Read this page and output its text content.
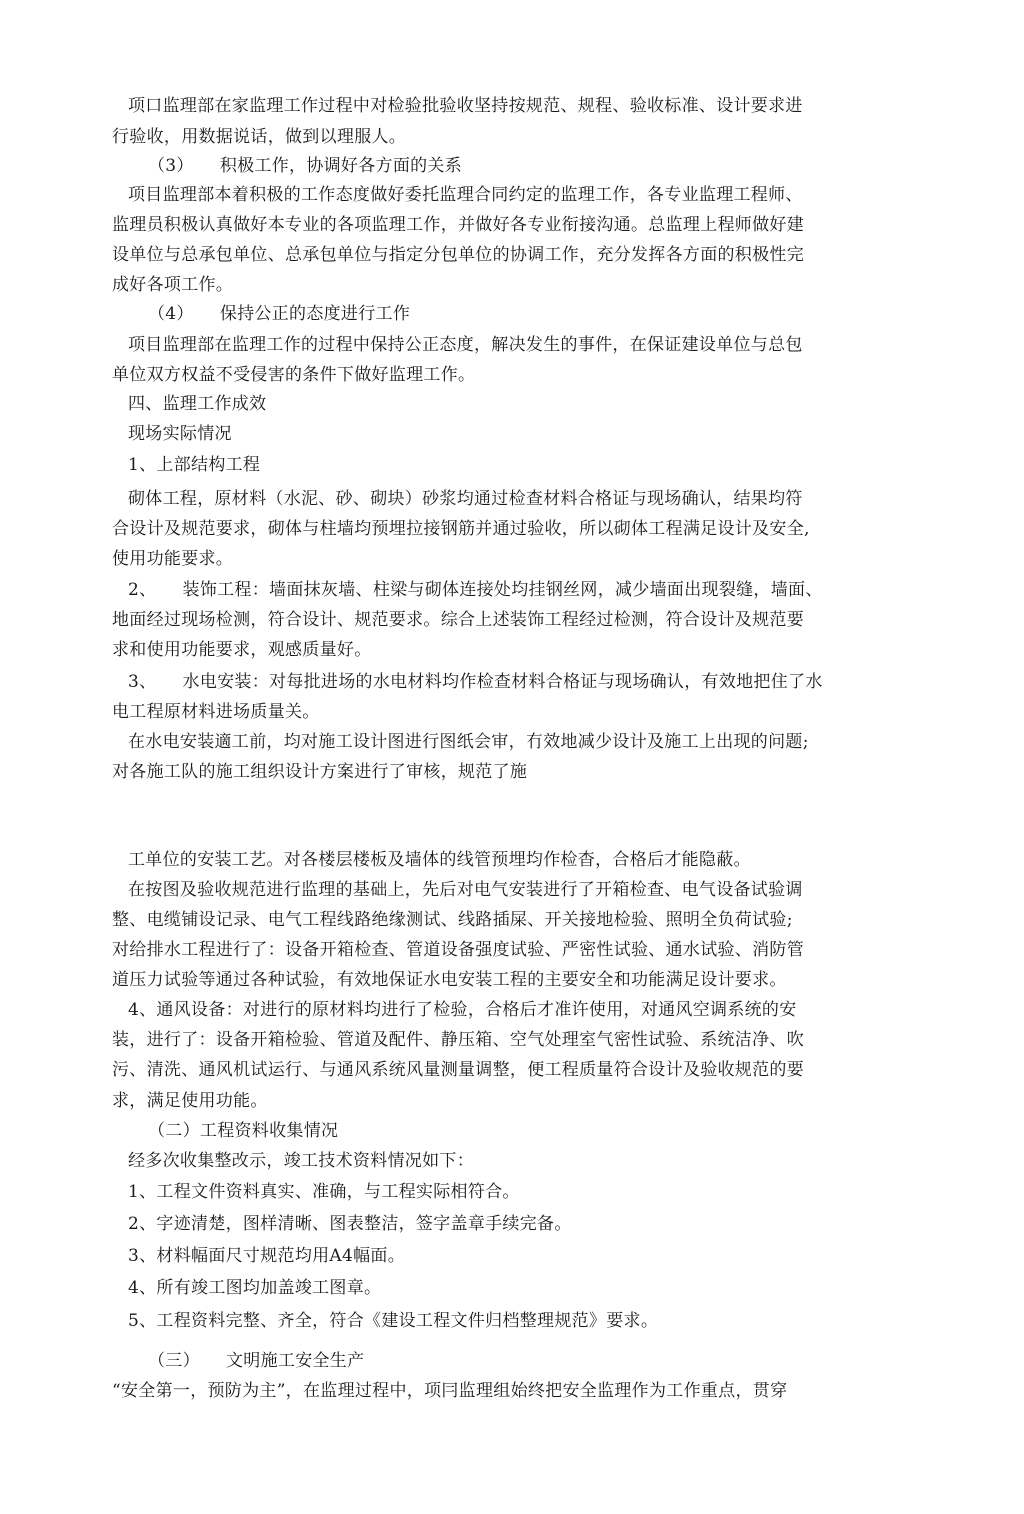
项口监理部在家监理工作过程中对检验批验收坚持按规范、规程、验收标准、设计要求进
行验收，用数据说话，做到以理服人。
（3）　　积极工作，协调好各方面的关系
项目监理部本着积极的工作态度做好委托监理合同约定的监理工作，各专业监理工程师、
监理员积极认真做好本专业的各项监理工作，并做好各专业衔接沟通。总监理上程师做好建
设单位与总承包单位、总承包单位与指定分包单位的协调工作，充分发挥各方面的积极性完
成好各项工作。
（4）　　保持公正的态度进行工作
项目监理部在监理工作的过程中保持公正态度，解决发生的事件，在保证建设单位与总包
单位双方权益不受侵害的条件下做好监理工作。
四、监理工作成效
现场实际情况
1、上部结构工程
砌体工程，原材料（水泥、砂、砌块）砂浆均通过检查材料合格证与现场确认，结果均符
合设计及规范要求，砌体与柱墙均预埋拉接钢筋并通过验收，所以砌体工程满足设计及安全,
使用功能要求。
2、　　装饰工程：墙面抹灰墙、柱梁与砌体连接处均挂钢丝网，减少墙面出现裂缝，墙面、
地面经过现场检测，符合设计、规范要求。综合上述装饰工程经过检测，符合设计及规范要
求和使用功能要求，观感质量好。
3、　　水电安装：对每批进场的水电材料均作检查材料合格证与现场确认，有效地把住了水
电工程原材料进场质量关。
在水电安装適工前，均对施工设计图进行图纸会审，冇效地减少设计及施工上出现的问题;
对各施工队的施工组织设计方案进行了审核，规范了施
工单位的安装工艺。对各楼层楼板及墙体的线管预埋均作检杳，合格后才能隐蔽。
在按图及验收规范进行监理的基础上，先后对电气安装进行了开箱检查、电气设备试验调
整、电缆铺设记录、电气工程线路绝缘测试、线路插屎、开关接地检验、照明全负荷试验;
对给排水工程进行了：设备开箱检查、管道设备强度试验、严密性试验、通水试验、消防管
道压力试验等通过各种试验，有效地保证水电安装工程的主要安全和功能满足设计要求。
4、通风设备：对进行的原材料均进行了检验，合格后才准许使用，对通风空调系统的安
装，进行了：设备开箱检验、管道及配件、静压箱、空气处理室气密性试验、系统洁净、吹
污、清洗、通风机试运行、与通风系统风量测量调整，便工程质量符合设计及验收规范的要
求，满足使用功能。
（二）工程资料收集情况
经多次收集整改示，竣工技术资料情况如下：
1、工程文件资料真实、准确，与工程实际相符合。
2、字迹清楚，图样清晰、图表整洁，签字盖章手续完备。
3、材料幅面尺寸规范均用A4幅面。
4、所有竣工图均加盖竣工图章。
5、工程资料完整、齐全，符合《建设工程文件归档整理规范》要求。
（三）　　文明施工安全生产
“安全第一，预防为主”，在监理过程中，项冃监理组始终把安全监理作为工作重点，贯穿
